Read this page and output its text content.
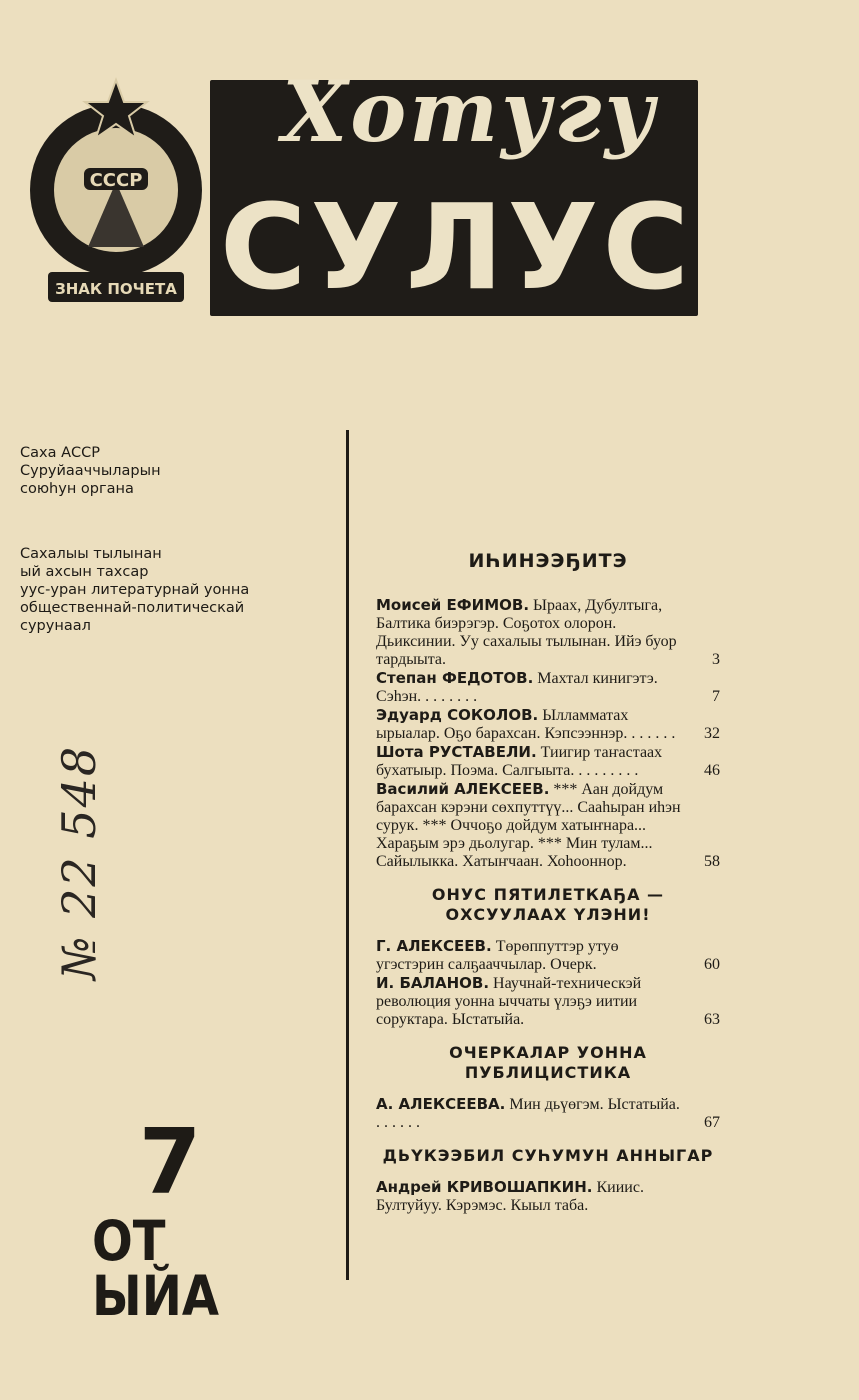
СССР
ЗНАК ПОЧЕТА
Хотугу
СУЛУС
Саха АССР
Суруйааччыларын
союһун органа
Сахалыы тылынан
ый ахсын тахсар
уус-уран литературнай уонна
общественнай-политическай
сурунаал
№ 22 548
7
ОТ ЫЙА
ИҺИНЭЭҔИТЭ

Моисей ЕФИМОВ. Ыраах, Дубултыга, Балтика биэрэгэр. Соҕотох олорон. Дьиксинии. Уу сахалыы тылынан. Ийэ буор тардыыта.	3

Степан ФЕДОТОВ. Махтал кинигэтэ. Сэһэн. . . . . . . .	7

Эдуард СОКОЛОВ. Ылламматах ырыалар. Оҕо барахсан. Кэпсээннэр. . . . . . .	32

Шота РУСТАВЕЛИ. Тиигир таҥастаах бухатыыр. Поэма. Салгыыта. . . . . . . . .	46

Василий АЛЕКСЕЕВ. *** Аан дойдум барахсан кэрэни сөхпуттүү... Сааһыран иһэн сурук. *** Оччоҕо дойдум хатыҥнара... Хараҕым эрэ дьолугар. *** Мин тулам... Сайылыкка. Хатыҥчаан. Хоһооннор.	58

ОНУС ПЯТИЛЕТКАҔА — ОХСУУЛААХ ҮЛЭНИ!

Г. АЛЕКСЕЕВ. Төрөппуттэр утуө угэстэрин салҕааччылар. Очерк.	60

И. БАЛАНОВ. Научнай-техническэй революция уонна ыччаты үлэҕэ иитии соруктара. Ыстатыйа.	63

ОЧЕРКАЛАР УОННА ПУБЛИЦИСТИКА

А. АЛЕКСЕЕВА. Мин дьүөгэм. Ыстатыйа. . . . . . .	67

ДЬҮКЭЭБИЛ СУҺУМУН АННЫГАР

Андрей КРИВОШАПКИН. Кииис. Бултуйуу. Кэрэмэс. Кыыл таба.
